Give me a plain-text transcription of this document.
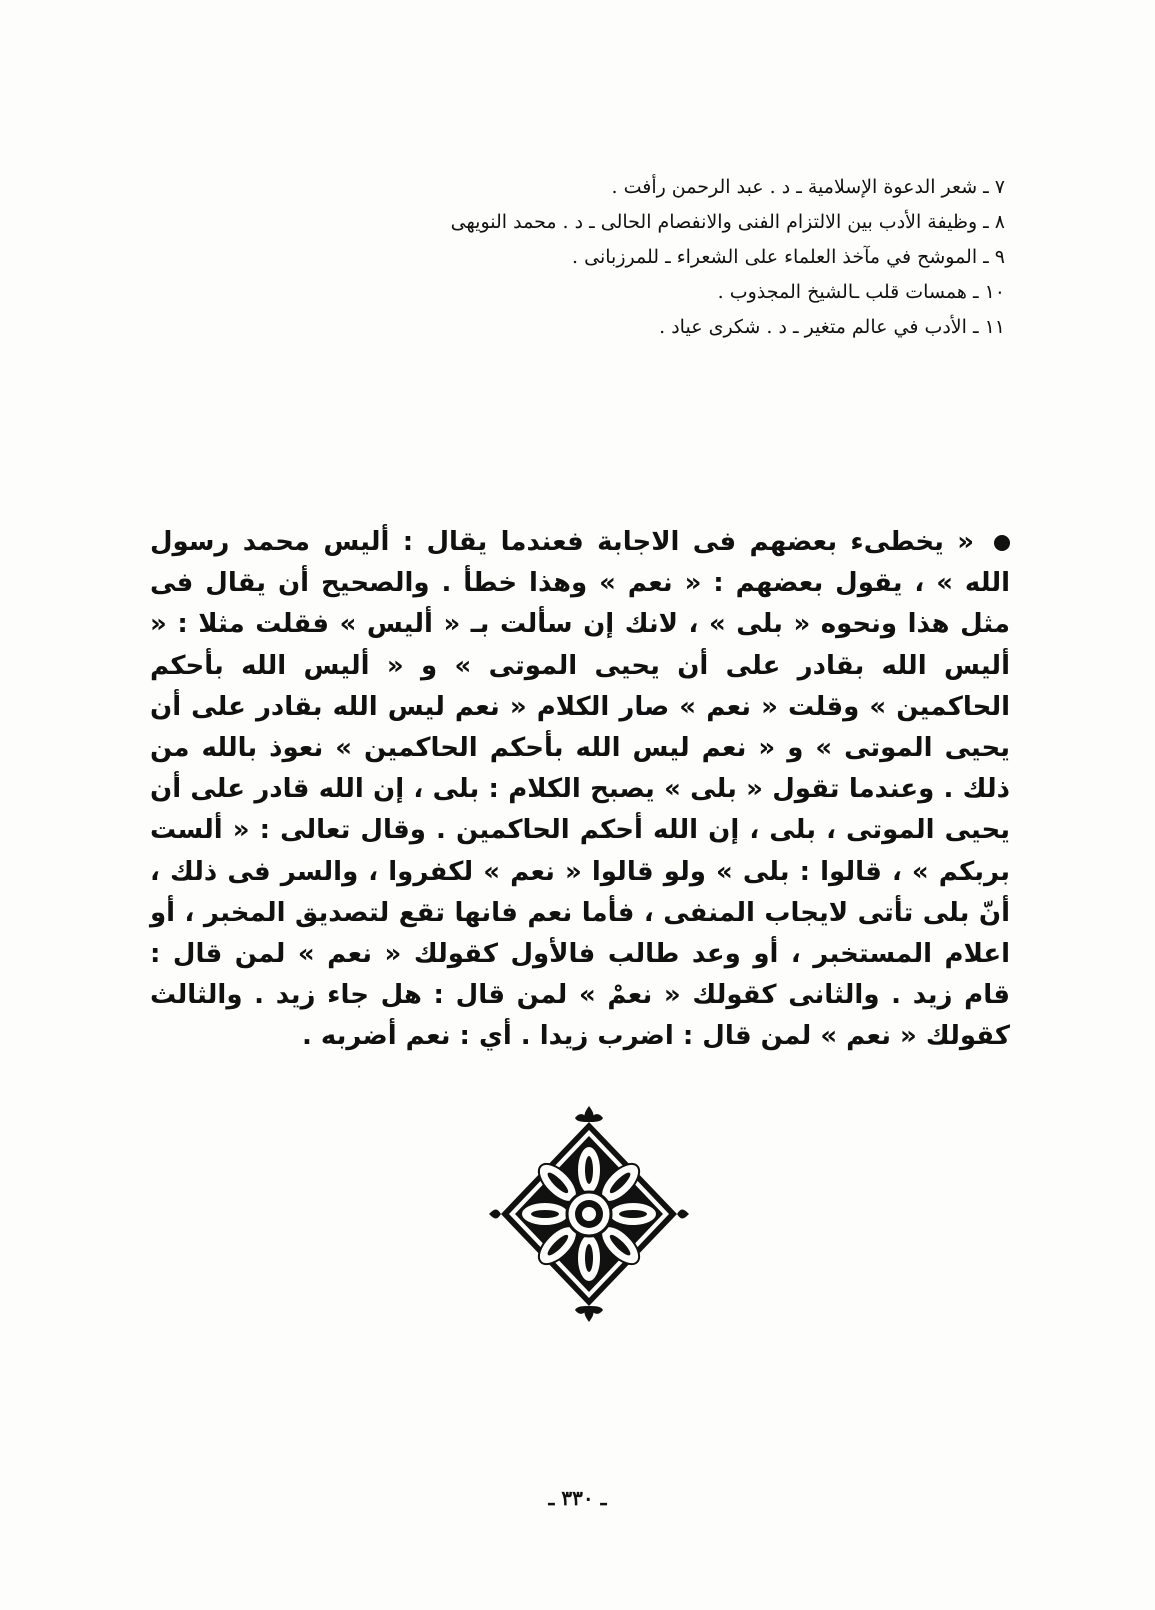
٧ ـ شعر الدعوة الإسلامية ـ د . عبد الرحمن رأفت .
٨ ـ وظيفة الأدب بين الالتزام الفنى والانفصام الحالى ـ د . محمد النويهى
٩ ـ الموشح في مآخذ العلماء على الشعراء ـ للمرزبانى .
١٠ ـ همسات قلب ـالشيخ المجذوب .
١١ ـ الأدب في عالم متغير ـ د . شكرى عياد .
« يخطىء بعضهم فى الاجابة فعندما يقال : أليس محمد رسول الله » ، يقول بعضهم : « نعم » وهذا خطأ . والصحيح أن يقال فى مثل هذا ونحوه « بلى » ، لانك إن سألت بـ « أليس » فقلت مثلا : « أليس الله بقادر على أن يحيى الموتى » و « أليس الله بأحكم الحاكمين » وقلت « نعم » صار الكلام « نعم ليس الله بقادر على أن يحيى الموتى » و « نعم ليس الله بأحكم الحاكمين » نعوذ بالله من ذلك . وعندما تقول « بلى » يصبح الكلام : بلى ، إن الله قادر على أن يحيى الموتى ، بلى ، إن الله أحكم الحاكمين . وقال تعالى : « ألست بربكم » ، قالوا : بلى » ولو قالوا « نعم » لكفروا ، والسر فى ذلك ، أنّ بلى تأتى لايجاب المنفى ، فأما نعم فانها تقع لتصديق المخبر ، أو اعلام المستخبر ، أو وعد طالب فالأول كقولك « نعم » لمن قال : قام زيد . والثانى كقولك « نعمْ » لمن قال : هل جاء زيد . والثالث كقولك « نعم » لمن قال : اضرب زيدا . أي : نعم أضربه .
ـ ٣٣٠ ـ
